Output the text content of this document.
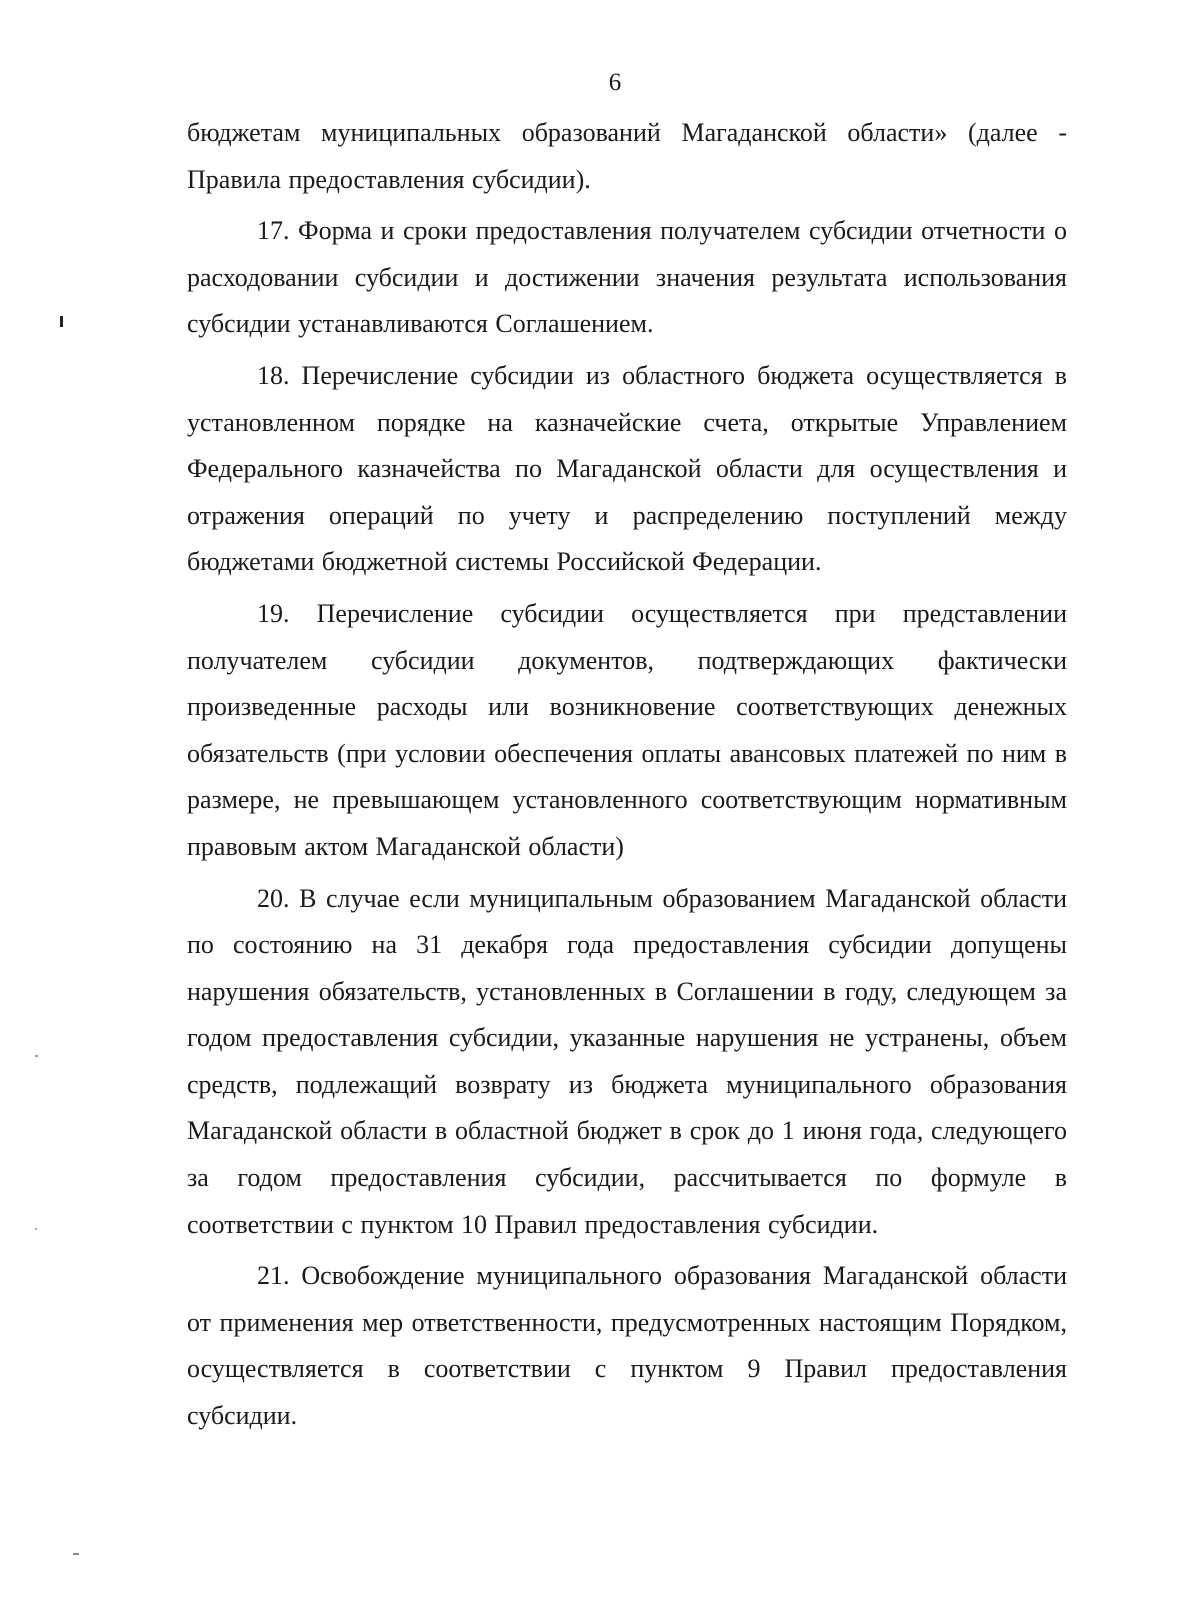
6

бюджетам муниципальных образований Магаданской области» (далее - Правила предоставления субсидии).

17. Форма и сроки предоставления получателем субсидии отчетности о расходовании субсидии и достижении значения результата использования субсидии устанавливаются Соглашением.

18. Перечисление субсидии из областного бюджета осуществляется в установленном порядке на казначейские счета, открытые Управлением Федерального казначейства по Магаданской области для осуществления и отражения операций по учету и распределению поступлений между бюджетами бюджетной системы Российской Федерации.

19. Перечисление субсидии осуществляется при представлении получателем субсидии документов, подтверждающих фактически произведенные расходы или возникновение соответствующих денежных обязательств (при условии обеспечения оплаты авансовых платежей по ним в размере, не превышающем установленного соответствующим нормативным правовым актом Магаданской области)

20. В случае если муниципальным образованием Магаданской области по состоянию на 31 декабря года предоставления субсидии допущены нарушения обязательств, установленных в Соглашении в году, следующем за годом предоставления субсидии, указанные нарушения не устранены, объем средств, подлежащий возврату из бюджета муниципального образования Магаданской области в областной бюджет в срок до 1 июня года, следующего за годом предоставления субсидии, рассчитывается по формуле в соответствии с пунктом 10 Правил предоставления субсидии.

21. Освобождение муниципального образования Магаданской области от применения мер ответственности, предусмотренных настоящим Порядком, осуществляется в соответствии с пунктом 9 Правил предоставления субсидии.
